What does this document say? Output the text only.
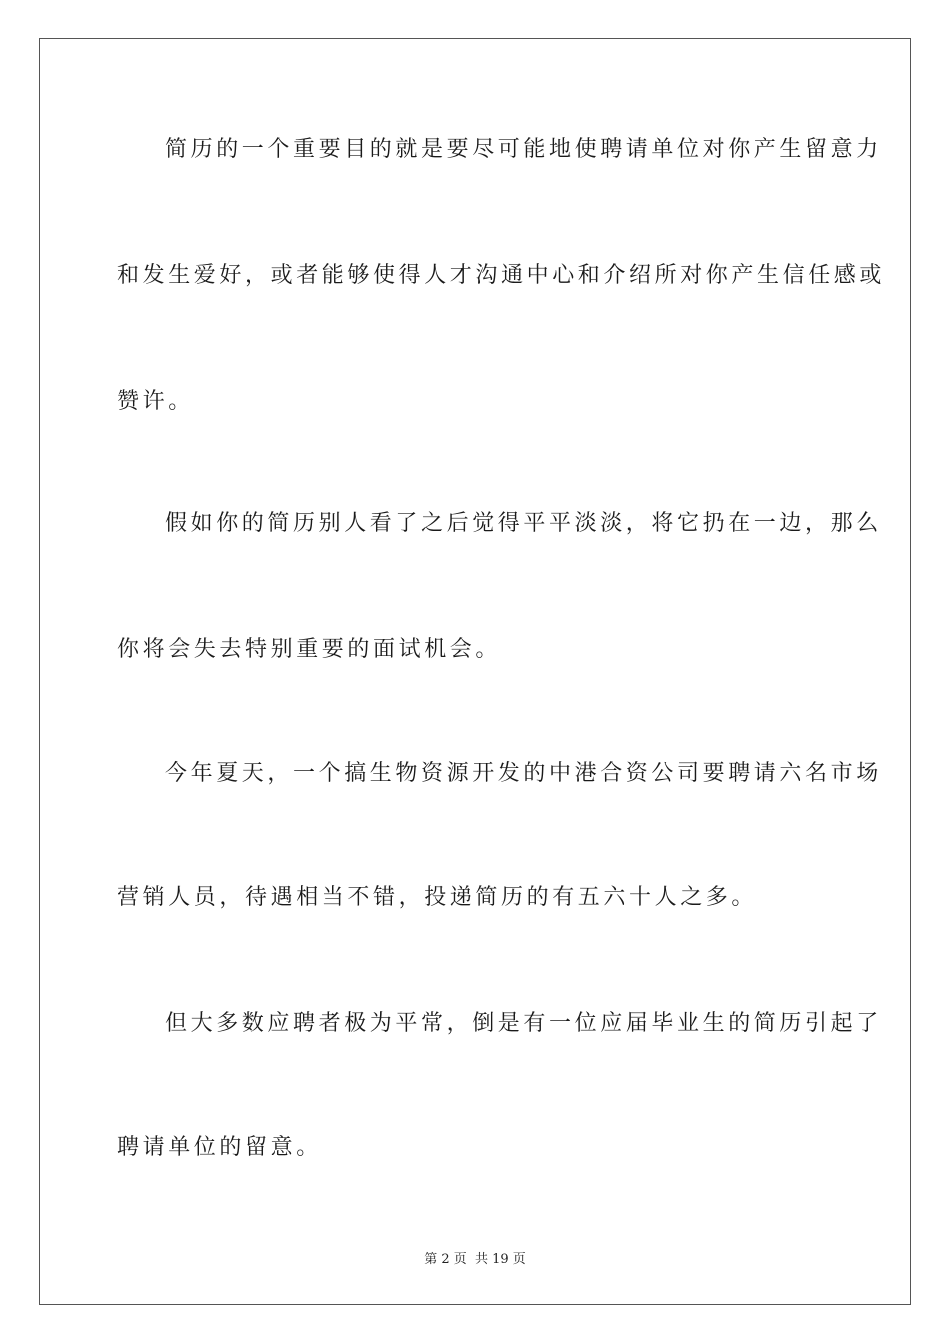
简历的一个重要目的就是要尽可能地使聘请单位对你产生留意力
和发生爱好，或者能够使得人才沟通中心和介绍所对你产生信任感或
赞许。
假如你的简历别人看了之后觉得平平淡淡，将它扔在一边，那么
你将会失去特别重要的面试机会。
今年夏天，一个搞生物资源开发的中港合资公司要聘请六名市场
营销人员，待遇相当不错，投递简历的有五六十人之多。
但大多数应聘者极为平常，倒是有一位应届毕业生的简历引起了
聘请单位的留意。
第 2 页 共 19 页
